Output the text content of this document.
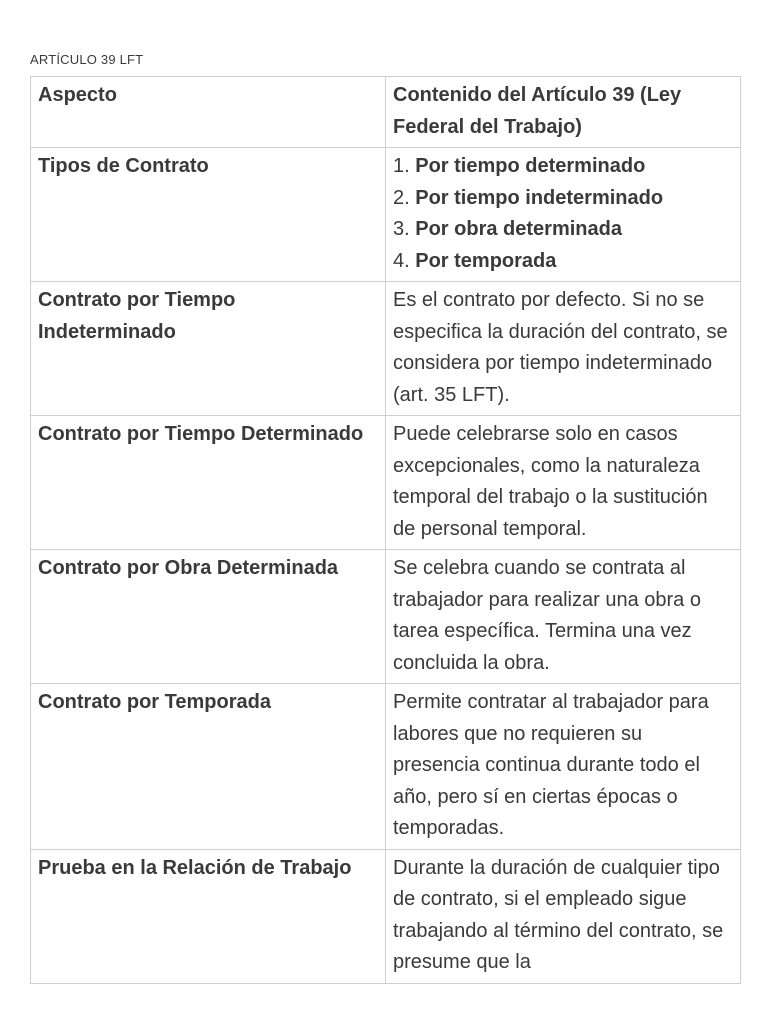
ARTÍCULO 39 LFT
Aspecto	Contenido del Artículo 39 (Ley Federal del Trabajo)
Tipos de Contrato	1. Por tiempo determinado
2. Por tiempo indeterminado
3. Por obra determinada
4. Por temporada

Contrato por Tiempo Indeterminado	Es el contrato por defecto. Si no se especifica la duración del contrato, se considera por tiempo indeterminado (art. 35 LFT).
Contrato por Tiempo Determinado	Puede celebrarse solo en casos excepcionales, como la naturaleza temporal del trabajo o la sustitución de personal temporal.
Contrato por Obra Determinada	Se celebra cuando se contrata al trabajador para realizar una obra o tarea específica. Termina una vez concluida la obra.
Contrato por Temporada	Permite contratar al trabajador para labores que no requieren su presencia continua durante todo el año, pero sí en ciertas épocas o temporadas.
Prueba en la Relación de Trabajo	Durante la duración de cualquier tipo de contrato, si el empleado sigue trabajando al término del contrato, se presume que la
